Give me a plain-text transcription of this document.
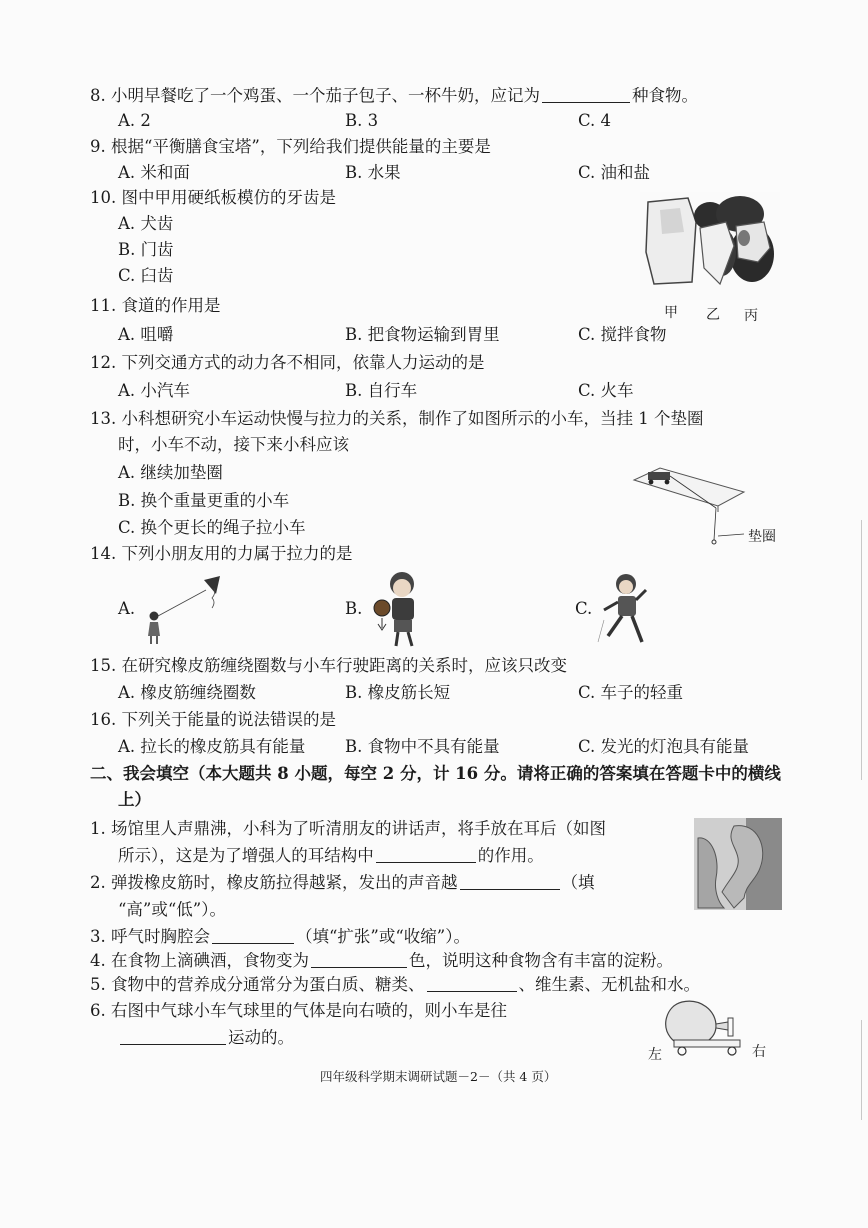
8. 小明早餐吃了一个鸡蛋、一个茄子包子、一杯牛奶，应记为	种食物。
A. 2	B. 3	C. 4
9. 根据“平衡膳食宝塔”，下列给我们提供能量的主要是
A. 米和面	B. 水果	C. 油和盐
10. 图中甲用硬纸板模仿的牙齿是
A. 犬齿
B. 门齿
C. 臼齿
甲 乙 丙
11. 食道的作用是
A. 咀嚼	B. 把食物运输到胃里	C. 搅拌食物
12. 下列交通方式的动力各不相同，依靠人力运动的是
A. 小汽车	B. 自行车	C. 火车
13. 小科想研究小车运动快慢与拉力的关系，制作了如图所示的小车，当挂 1 个垫圈
时，小车不动，接下来小科应该
A. 继续加垫圈
B. 换个重量更重的小车
C. 换个更长的绳子拉小车	垫圈
14. 下列小朋友用的力属于拉力的是
A.	B.	C.
15. 在研究橡皮筋缠绕圈数与小车行驶距离的关系时，应该只改变
A. 橡皮筋缠绕圈数	B. 橡皮筋长短	C. 车子的轻重
16. 下列关于能量的说法错误的是
A. 拉长的橡皮筋具有能量 B. 食物中不具有能量	C. 发光的灯泡具有能量
二、我会填空（本大题共 8 小题，每空 2 分，计 16 分。请将正确的答案填在答题卡中的横线
上）
1. 场馆里人声鼎沸，小科为了听清朋友的讲话声，将手放在耳后（如图
所示），这是为了增强人的耳结构中	的作用。
2. 弹拨橡皮筋时，橡皮筋拉得越紧，发出的声音越	（填
“高”或“低”）。
3. 呼气时胸腔会	（填“扩张”或“收缩”）。
4. 在食物上滴碘酒，食物变为	色，说明这种食物含有丰富的淀粉。
5. 食物中的营养成分通常分为蛋白质、糖类、	、维生素、无机盐和水。
6. 右图中气球小车气球里的气体是向右喷的，则小车是往
运动的。
左	右
四年级科学期末调研试题－2－（共 4 页）
